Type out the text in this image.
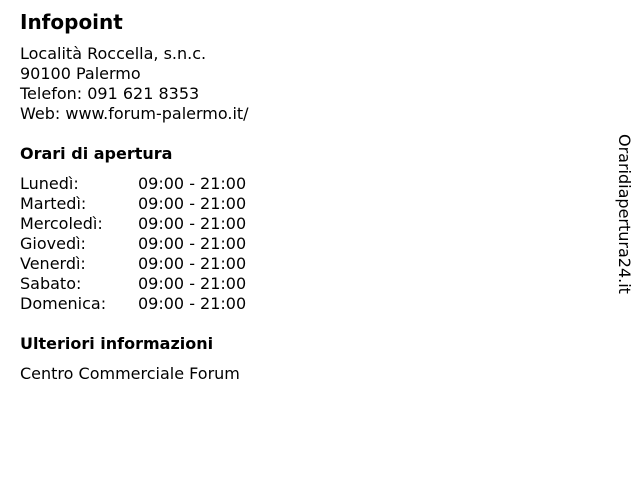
Infopoint
Località Roccella, s.n.c.
90100 Palermo
Telefon: 091 621 8353
Web: www.forum-palermo.it/
Orari di apertura
Lunedì:	09:00 - 21:00
Martedì:	09:00 - 21:00
Mercoledì: 09:00 - 21:00
Giovedì:	09:00 - 21:00
Venerdì:	09:00 - 21:00
Sabato:	09:00 - 21:00
Domenica: 09:00 - 21:00
Ulteriori informazioni
Centro Commerciale Forum
Oraridiapertura24.it
